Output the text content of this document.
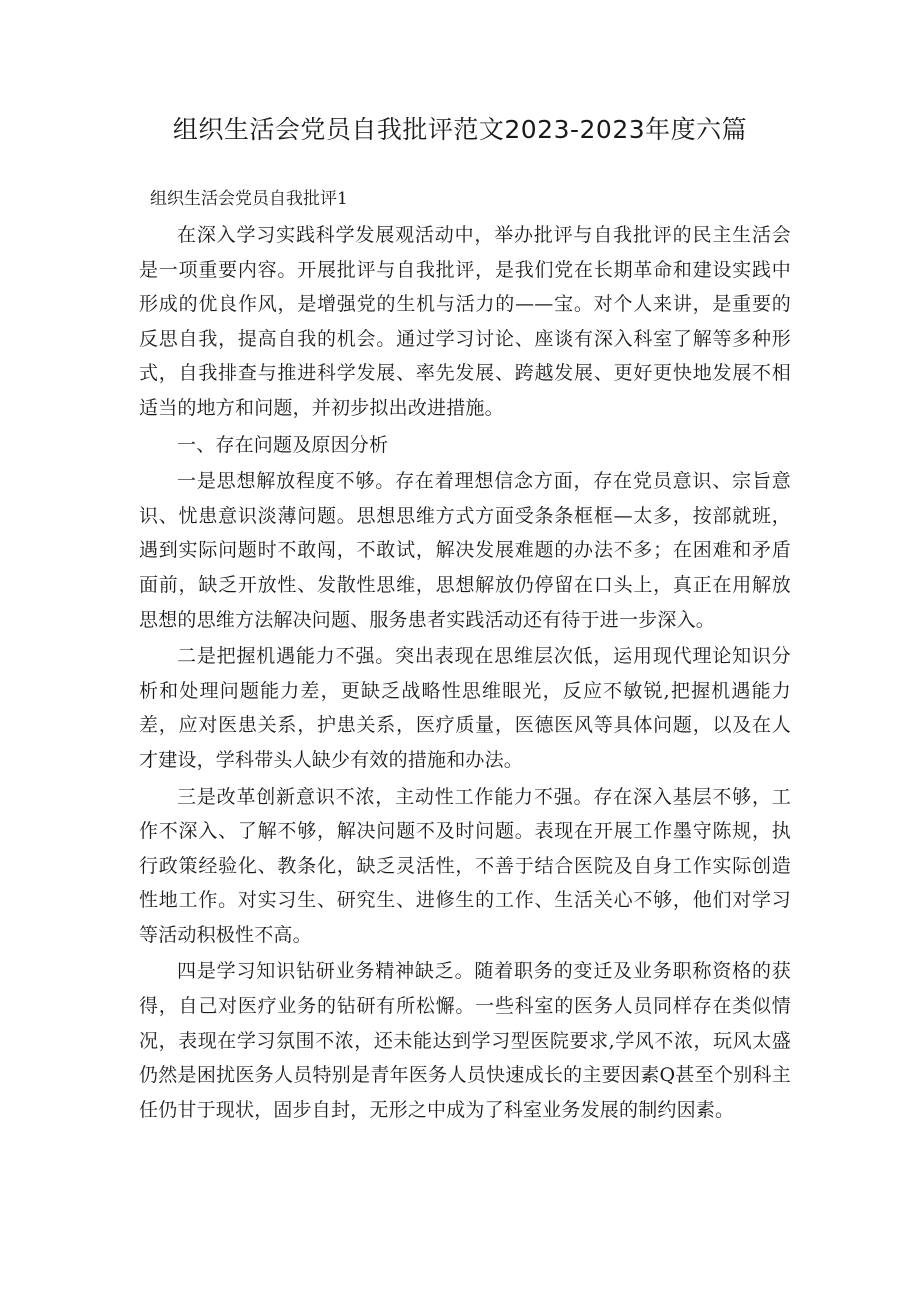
组织生活会党员自我批评范文2023-2023年度六篇
组织生活会党员自我批评1

在深入学习实践科学发展观活动中，举办批评与自我批评的民主生活会是一项重要内容。开展批评与自我批评，是我们党在长期革命和建设实践中形成的优良作风，是增强党的生机与活力的——宝。对个人来讲，是重要的反思自我，提高自我的机会。通过学习讨论、座谈有深入科室了解等多种形式，自我排查与推进科学发展、率先发展、跨越发展、更好更快地发展不相适当的地方和问题，并初步拟出改进措施。

一、存在问题及原因分析

一是思想解放程度不够。存在着理想信念方面，存在党员意识、宗旨意识、忧患意识淡薄问题。思想思维方式方面受条条框框—太多，按部就班，遇到实际问题时不敢闯，不敢试，解决发展难题的办法不多；在困难和矛盾面前，缺乏开放性、发散性思维，思想解放仍停留在口头上，真正在用解放思想的思维方法解决问题、服务患者实践活动还有待于进一步深入。

二是把握机遇能力不强。突出表现在思维层次低，运用现代理论知识分析和处理问题能力差，更缺乏战略性思维眼光，反应不敏锐,把握机遇能力差，应对医患关系，护患关系，医疗质量，医德医风等具体问题，以及在人才建设，学科带头人缺少有效的措施和办法。

三是改革创新意识不浓，主动性工作能力不强。存在深入基层不够，工作不深入、了解不够，解决问题不及时问题。表现在开展工作墨守陈规，执行政策经验化、教条化，缺乏灵活性，不善于结合医院及自身工作实际创造性地工作。对实习生、研究生、进修生的工作、生活关心不够，他们对学习等活动积极性不高。

四是学习知识钻研业务精神缺乏。随着职务的变迁及业务职称资格的获得，自己对医疗业务的钻研有所松懈。一些科室的医务人员同样存在类似情况，表现在学习氛围不浓，还未能达到学习型医院要求,学风不浓，玩风太盛仍然是困扰医务人员特别是青年医务人员快速成长的主要因素Q甚至个别科主任仍甘于现状，固步自封，无形之中成为了科室业务发展的制约因素。
